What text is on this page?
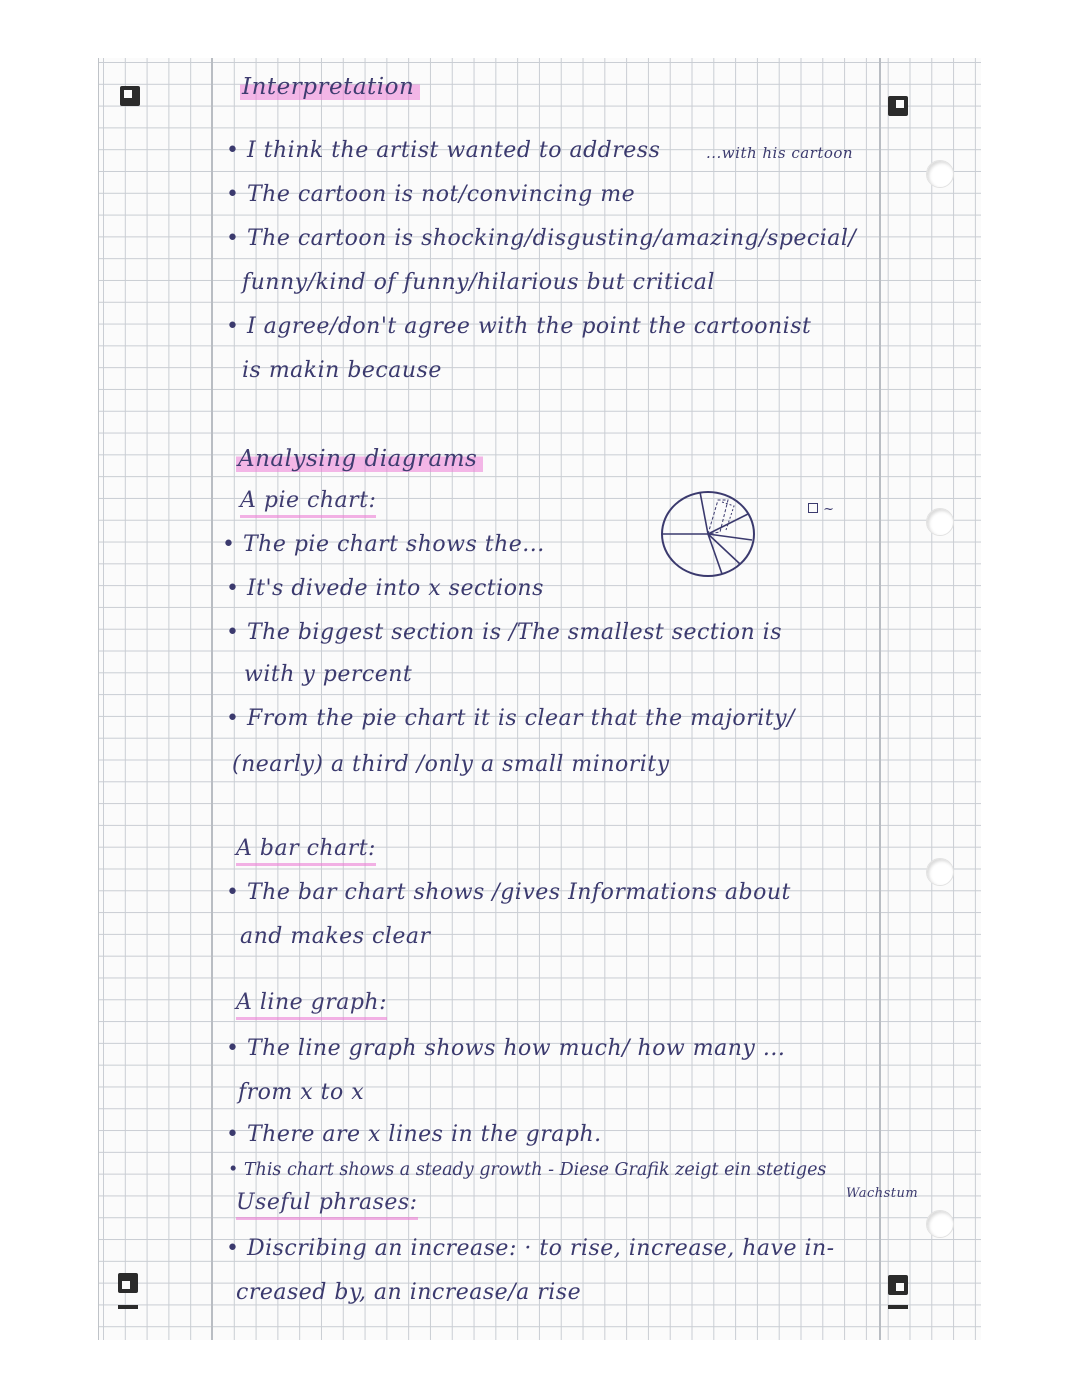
Interpretation

• I think the artist wanted to address	...with his cartoon

• The cartoon is not/convincing me

• The cartoon is shocking/disgusting/amazing/special/

funny/kind of funny/hilarious but critical

• I agree/don't agree with the point the cartoonist

is makin because

Analysing diagrams

A pie chart:	~

• The pie chart shows the...

• It's divede into x sections

• The biggest section is /The smallest section is

with y percent

• From the pie chart it is clear that the majority/

(nearly) a third /only a small minority

A bar chart:

• The bar chart shows /gives Informations about

and makes clear

A line graph:

• The line graph shows how much/ how many ...

from x to x

• There are x lines in the graph.

• This chart shows a steady growth - Diese Grafik zeigt ein stetiges

Wachstum

Useful phrases:

• Discribing an increase: · to rise, increase, have in-

creased by, an increase/a rise
